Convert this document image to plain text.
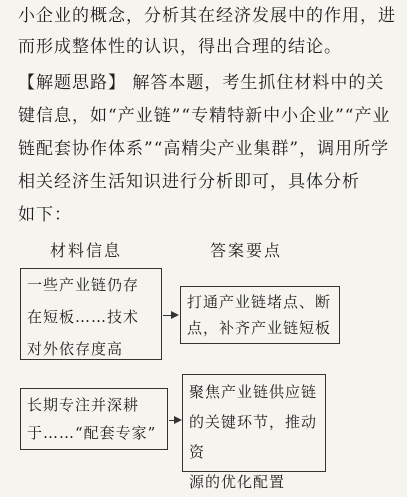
小企业的概念，分析其在经济发展中的作用，进
而形成整体性的认识，得出合理的结论。
【解题思路】 解答本题，考生抓住材料中的关
键信息，如“产业链”“专精特新中小企业”“产业
链配套协作体系”“高精尖产业集群”，调用所学
相关经济生活知识进行分析即可，具体分析
如下：
材料信息	答案要点
一些产业链仍存
在短板……技术
对外依存度高
打通产业链堵点、断
点，补齐产业链短板
长期专注并深耕
于……“配套专家”
聚焦产业链供应链
的关键环节，推动资
源的优化配置
